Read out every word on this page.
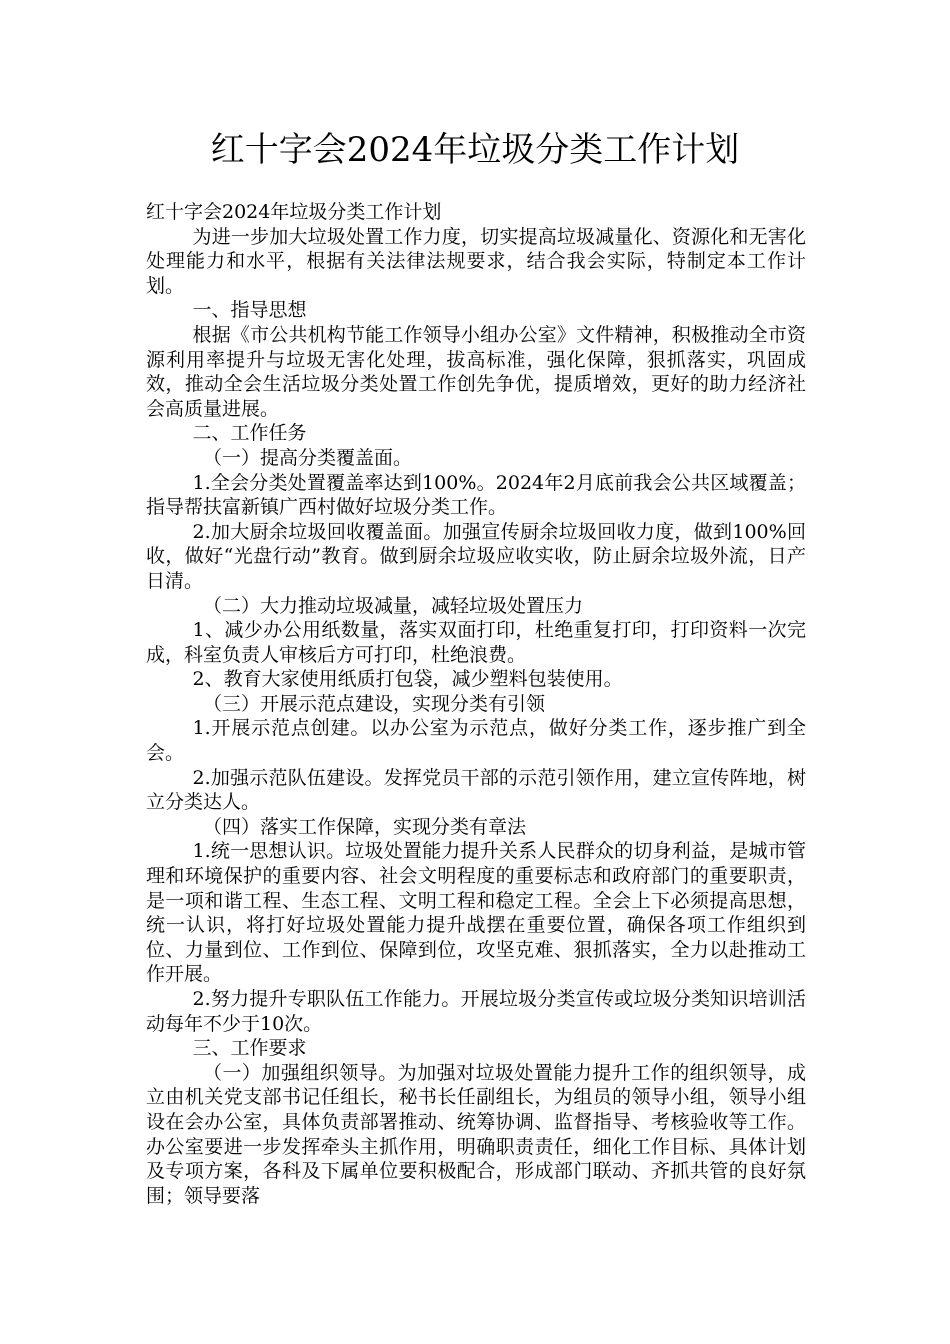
红十字会2024年垃圾分类工作计划

红十字会2024年垃圾分类工作计划

为进一步加大垃圾处置工作力度，切实提高垃圾减量化、资源化和无害化处理能力和水平，根据有关法律法规要求，结合我会实际，特制定本工作计划。

一、指导思想

根据《市公共机构节能工作领导小组办公室》文件精神，积极推动全市资源利用率提升与垃圾无害化处理，拔高标准，强化保障，狠抓落实，巩固成效，推动全会生活垃圾分类处置工作创先争优，提质增效，更好的助力经济社会高质量进展。

二、工作任务

（一）提高分类覆盖面。

1.全会分类处置覆盖率达到100%。2024年2月底前我会公共区域覆盖；指导帮扶富新镇广西村做好垃圾分类工作。

2.加大厨余垃圾回收覆盖面。加强宣传厨余垃圾回收力度，做到100%回收，做好“光盘行动”教育。做到厨余垃圾应收实收，防止厨余垃圾外流，日产日清。

（二）大力推动垃圾减量，减轻垃圾处置压力

1、减少办公用纸数量，落实双面打印，杜绝重复打印，打印资料一次完成，科室负责人审核后方可打印，杜绝浪费。

2、教育大家使用纸质打包袋，减少塑料包装使用。

（三）开展示范点建设，实现分类有引领

1.开展示范点创建。以办公室为示范点，做好分类工作，逐步推广到全会。

2.加强示范队伍建设。发挥党员干部的示范引领作用，建立宣传阵地，树立分类达人。

（四）落实工作保障，实现分类有章法

1.统一思想认识。垃圾处置能力提升关系人民群众的切身利益，是城市管理和环境保护的重要内容、社会文明程度的重要标志和政府部门的重要职责，是一项和谐工程、生态工程、文明工程和稳定工程。全会上下必须提高思想，统一认识，将打好垃圾处置能力提升战摆在重要位置，确保各项工作组织到位、力量到位、工作到位、保障到位，攻坚克难、狠抓落实，全力以赴推动工作开展。

2.努力提升专职队伍工作能力。开展垃圾分类宣传或垃圾分类知识培训活动每年不少于10次。

三、工作要求

（一）加强组织领导。为加强对垃圾处置能力提升工作的组织领导，成立由机关党支部书记任组长，秘书长任副组长，为组员的领导小组，领导小组设在会办公室，具体负责部署推动、统筹协调、监督指导、考核验收等工作。办公室要进一步发挥牵头主抓作用，明确职责责任，细化工作目标、具体计划及专项方案，各科及下属单位要积极配合，形成部门联动、齐抓共管的良好氛围；领导要落
